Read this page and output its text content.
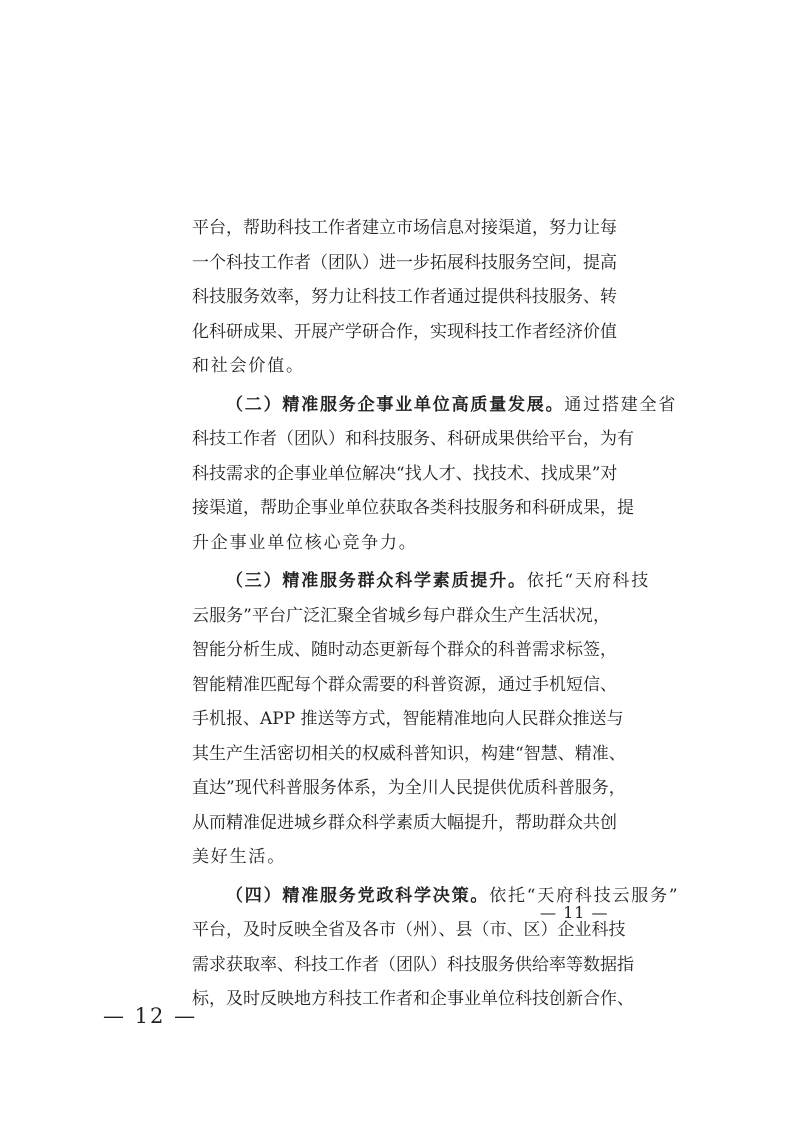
平台，帮助科技工作者建立市场信息对接渠道，努力让每
一个科技工作者（团队）进一步拓展科技服务空间，提高
科技服务效率，努力让科技工作者通过提供科技服务、转
化科研成果、开展产学研合作，实现科技工作者经济价值
和社会价值。
（二）精准服务企事业单位高质量发展。通过搭建全省
科技工作者（团队）和科技服务、科研成果供给平台，为有
科技需求的企事业单位解决“找人才、找技术、找成果”对
接渠道，帮助企事业单位获取各类科技服务和科研成果，提
升企事业单位核心竞争力。
（三）精准服务群众科学素质提升。依托“天府科技
云服务”平台广泛汇聚全省城乡每户群众生产生活状况，
智能分析生成、随时动态更新每个群众的科普需求标签，
智能精准匹配每个群众需要的科普资源，通过手机短信、
手机报、APP 推送等方式，智能精准地向人民群众推送与
其生产生活密切相关的权威科普知识，构建“智慧、精准、
直达”现代科普服务体系，为全川人民提供优质科普服务，
从而精准促进城乡群众科学素质大幅提升，帮助群众共创
美好生活。
（四）精准服务党政科学决策。依托“天府科技云服务”
平台，及时反映全省及各市（州）、县（市、区）企业科技
需求获取率、科技工作者（团队）科技服务供给率等数据指
标，及时反映地方科技工作者和企事业单位科技创新合作、
— 11 —
— 12 —
